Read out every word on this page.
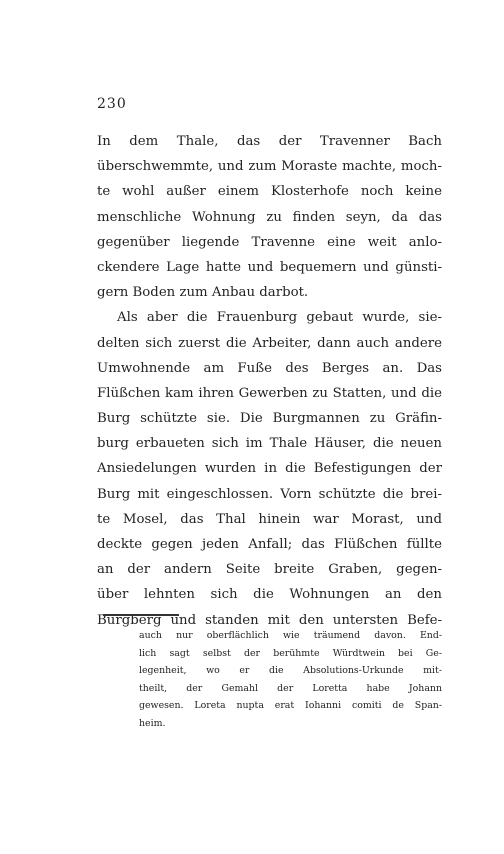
230
In dem Thale, das der Travenner Bach
überschwemmte, und zum Moraste machte, moch-
te wohl außer einem Klosterhofe noch keine
menschliche Wohnung zu finden seyn, da das
gegenüber liegende Travenne eine weit anlo-
ckendere Lage hatte und bequemern und günsti-
gern Boden zum Anbau darbot.
Als aber die Frauenburg gebaut wurde, sie-
delten sich zuerst die Arbeiter, dann auch andere
Umwohnende am Fuße des Berges an. Das
Flüßchen kam ihren Gewerben zu Statten, und die
Burg schützte sie. Die Burgmannen zu Gräfin-
burg erbaueten sich im Thale Häuser, die neuen
Ansiedelungen wurden in die Befestigungen der
Burg mit eingeschlossen. Vorn schützte die brei-
te Mosel, das Thal hinein war Morast, und
deckte gegen jeden Anfall; das Flüßchen füllte
an der andern Seite breite Graben, gegen-
über lehnten sich die Wohnungen an den
Burgberg und standen mit den untersten Befe-
auch nur oberflächlich wie träumend davon. End-
lich sagt selbst der berühmte Würdtwein bei Ge-
legenheit, wo er die Absolutions-Urkunde mit-
theilt, der Gemahl der Loretta habe Johann
gewesen. Loreta nupta erat Iohanni comiti de Span-
heim.
